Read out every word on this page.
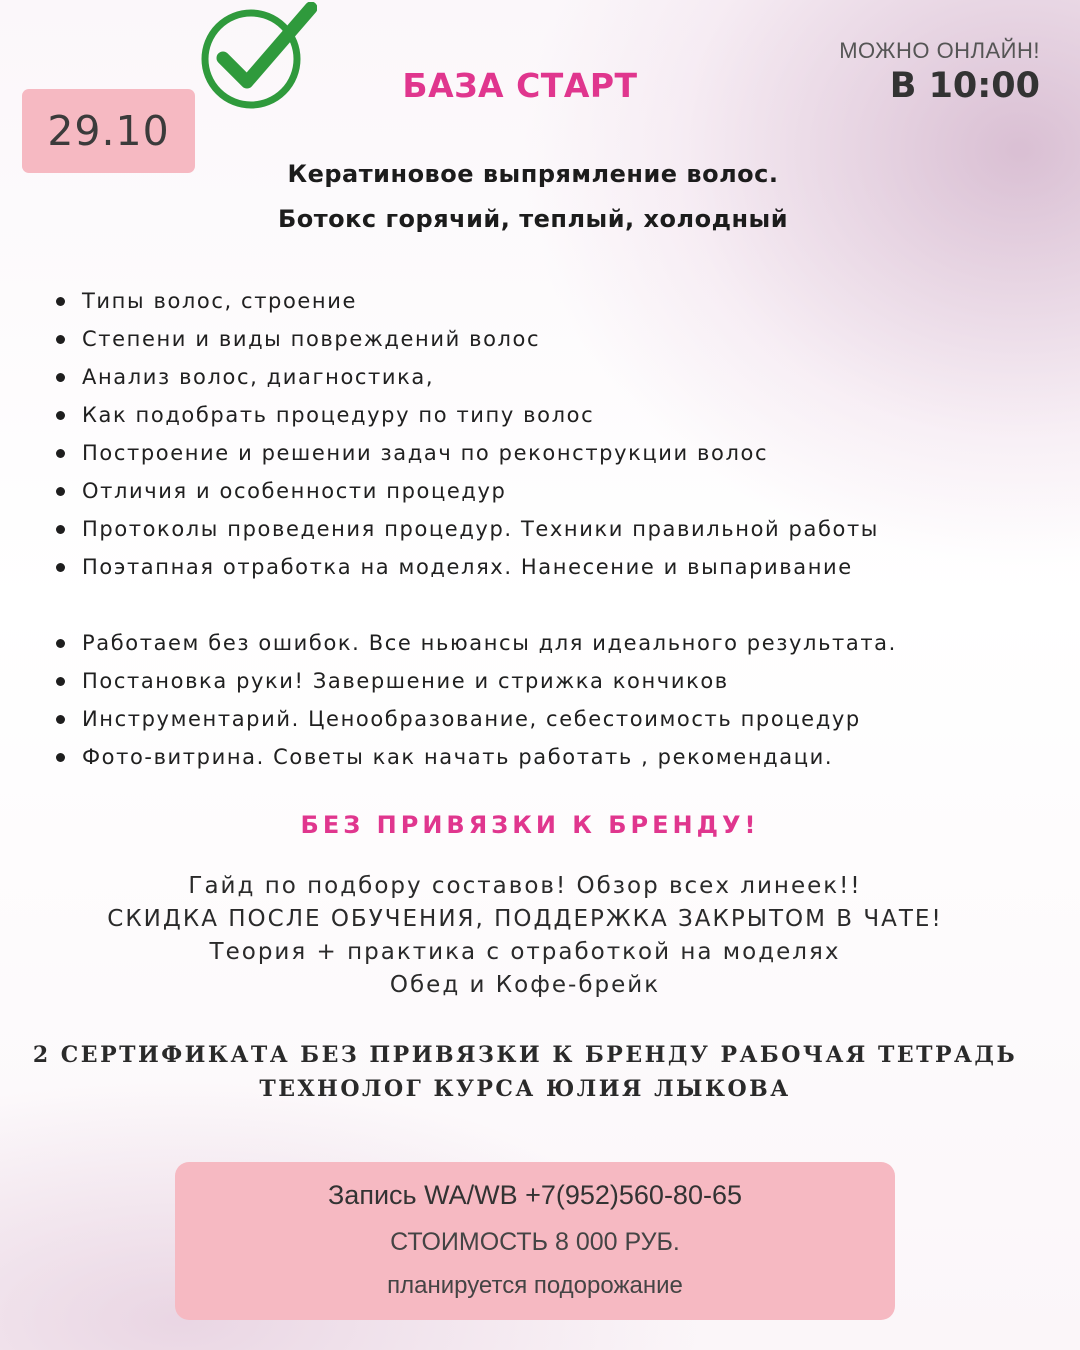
29.10
БАЗА СТАРТ
МОЖНО ОНЛАЙН!
В 10:00
Кератиновое выпрямление волос.
Ботокс горячий, теплый, холодный
Типы волос, строение
Степени и виды повреждений волос
Анализ волос, диагностика,
Как подобрать процедуру по типу волос
Построение и решении задач по реконструкции волос
Отличия и особенности процедур
Протоколы проведения процедур. Техники правильной работы
Поэтапная отработка на моделях. Нанесение и выпаривание
Работаем без ошибок. Все ньюансы для идеального результата.
Постановка руки! Завершение и стрижка кончиков
Инструментарий. Ценообразование, себестоимость процедур
Фото-витрина. Советы как начать работать , рекомендаци.
БЕЗ ПРИВЯЗКИ К БРЕНДУ!
Гайд по подбору составов! Обзор всех линеек!!
СКИДКА ПОСЛЕ ОБУЧЕНИЯ, ПОДДЕРЖКА ЗАКРЫТОМ В ЧАТЕ!
Теория + практика с отработкой на моделях
Обед и Кофе-брейк
2 СЕРТИФИКАТА БЕЗ ПРИВЯЗКИ К БРЕНДУ РАБОЧАЯ ТЕТРАДЬ
ТЕХНОЛОГ КУРСА ЮЛИЯ ЛЫКОВА
Запись WA/WB +7(952)560-80-65
СТОИМОСТЬ 8 000 РУБ.
планируется подорожание
